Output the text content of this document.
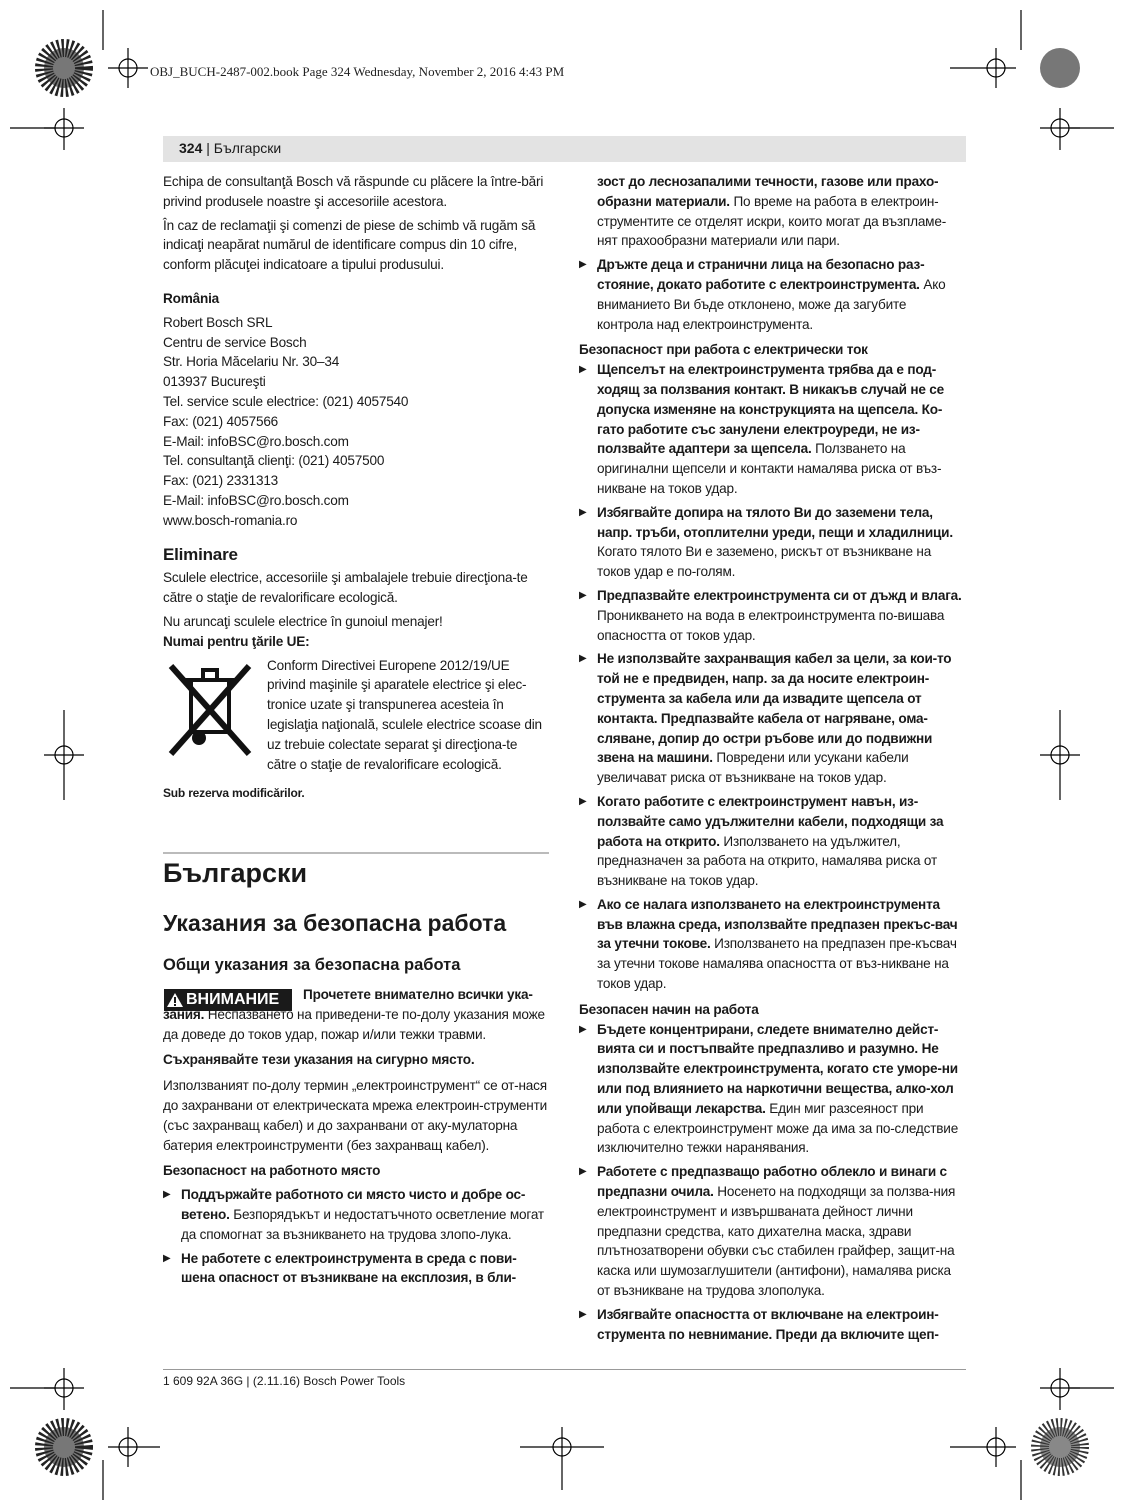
OBJ_BUCH-2487-002.book Page 324 Wednesday, November 2, 2016 4:43 PM
324 | Български

Echipa de consultanţă Bosch vă răspunde cu plăcere la între-bări privind produsele noastre şi accesoriile acestora.

În caz de reclamaţii şi comenzi de piese de schimb vă rugăm să indicaţi neapărat numărul de identificare compus din 10 cifre, conform plăcuţei indicatoare a tipului produsului.

România

Robert Bosch SRL

Centru de service Bosch

Str. Horia Măcelariu Nr. 30–34

013937 Bucureşti

Tel. service scule electrice: (021) 4057540

Fax: (021) 4057566

E-Mail: infoBSC@ro.bosch.com

Tel. consultanţă clienţi: (021) 4057500

Fax: (021) 2331313

E-Mail: infoBSC@ro.bosch.com

www.bosch-romania.ro

Eliminare

Sculele electrice, accesoriile şi ambalajele trebuie direcţiona-te către o staţie de revalorificare ecologică.

Nu aruncaţi sculele electrice în gunoiul menajer!

Numai pentru ţările UE:

Conform Directivei Europene 2012/19/UE privind maşinile şi aparatele electrice şi elec-tronice uzate şi transpunerea acesteia în legislaţia naţională, sculele electrice scoase din uz trebuie colectate separat şi direcţiona-te către o staţie de revalorificare ecologică.

Sub rezerva modificărilor.

Български
Указания за безопасна работа
Общи указания за безопасна работа
ВНИМАНИЕ	Прочетете внимателно всички ука-зания. Неспазването на приведени-те по-долу указания може да доведе до токов удар, пожар и/или тежки травми.

Съхранявайте тези указания на сигурно място.

Използваният по-долу термин „електроинструмент“ се от-нася до захранвани от електрическата мрежа електроин-струменти (със захранващ кабел) и до захранвани от аку-мулаторна батерия електроинструменти (без захранващ кабел).

Безопасност на работното място

▶ Поддържайте работното си място чисто и добре ос-ветено. Безпорядъкът и недостатъчното осветление могат да спомогнат за възникването на трудова злопо-лука.

▶ Не работете с електроинструмента в среда с пови-шена опасност от възникване на експлозия, в бли-

зост до леснозапалими течности, газове или прахо-образни материали. По време на работа в електроин-струментите се отделят искри, които могат да възпламе-нят прахообразни материали или пари.

▶ Дръжте деца и странични лица на безопасно раз-стояние, докато работите с електроинструмента. Ако вниманието Ви бъде отклонено, може да загубите контрола над електроинструмента.

Безопасност при работа с електрически ток

▶ Щепселът на електроинструмента трябва да е под-ходящ за ползвания контакт. В никакъв случай не се допуска изменяне на конструкцията на щепсела. Ко-гато работите със занулени електроуреди, не из-ползвайте адаптери за щепсела. Ползването на оригинални щепсели и контакти намалява риска от въз-никване на токов удар.

▶ Избягвайте допира на тялото Ви до заземени тела, напр. тръби, отоплителни уреди, пещи и хладилници. Когато тялото Ви е заземено, рискът от възникване на токов удар е по-голям.

▶ Предпазвайте електроинструмента си от дъжд и влага. Проникването на вода в електроинструмента по-вишава опасността от токов удар.

▶ Не използвайте захранващия кабел за цели, за кои-то той не е предвиден, напр. за да носите електроин-струмента за кабела или да извадите щепсела от контакта. Предпазвайте кабела от нагряване, ома-сляване, допир до остри ръбове или до подвижни звена на машини. Повредени или усукани кабели увеличават риска от възникване на токов удар.

▶ Когато работите с електроинструмент навън, из-ползвайте само удължителни кабели, подходящи за работа на открито. Използването на удължител, предназначен за работа на открито, намалява риска от възникване на токов удар.

▶ Ако се налага използването на електроинструмента във влажна среда, използвайте предпазен прекъс-вач за утечни токове. Използването на предпазен пре-късвач за утечни токове намалява опасността от въз-никване на токов удар.

Безопасен начин на работа

▶ Бъдете концентрирани, следете внимателно дейст-вията си и постъпвайте предпазливо и разумно. Не използвайте електроинструмента, когато сте уморе-ни или под влиянието на наркотични вещества, алко-хол или упойващи лекарства. Един миг разсеяност при работа с електроинструмент може да има за по-следствие изключително тежки наранявания.

▶ Работете с предпазващо работно облекло и винаги с предпазни очила. Носенето на подходящи за ползва-ния електроинструмент и извършваната дейност лични предпазни средства, като дихателна маска, здрави плътнозатворени обувки със стабилен грайфер, защит-на каска или шумозаглушители (антифони), намалява риска от възникване на трудова злополука.

▶ Избягвайте опасността от включване на електроин-струмента по невнимание. Преди да включите щеп-

1 609 92A 36G | (2.11.16) Bosch Power Tools
